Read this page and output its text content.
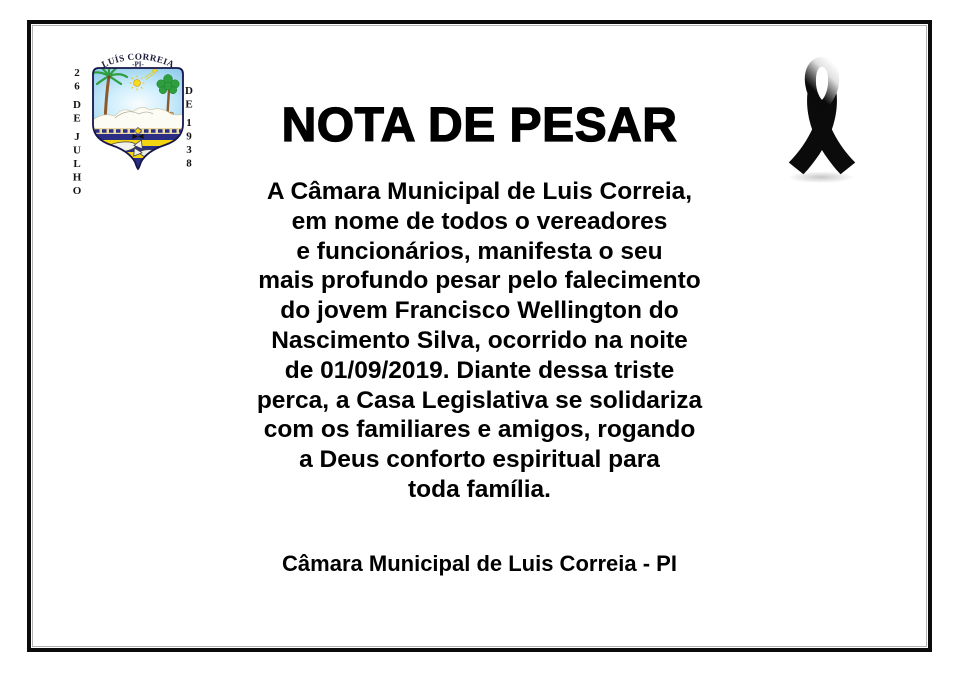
LUÍS CORREIA
-PI-
26
DE
JULHO
DE
1938	NOTA DE PESAR
A Câmara Municipal de Luis Correia,
em nome de todos o vereadores
e funcionários, manifesta o seu
mais profundo pesar pelo falecimento
do jovem Francisco Wellington do
Nascimento Silva, ocorrido na noite
de 01/09/2019. Diante dessa triste
perca, a Casa Legislativa se solidariza
com os familiares e amigos, rogando
a Deus conforto espiritual para
toda família.
Câmara Municipal de Luis Correia - PI
